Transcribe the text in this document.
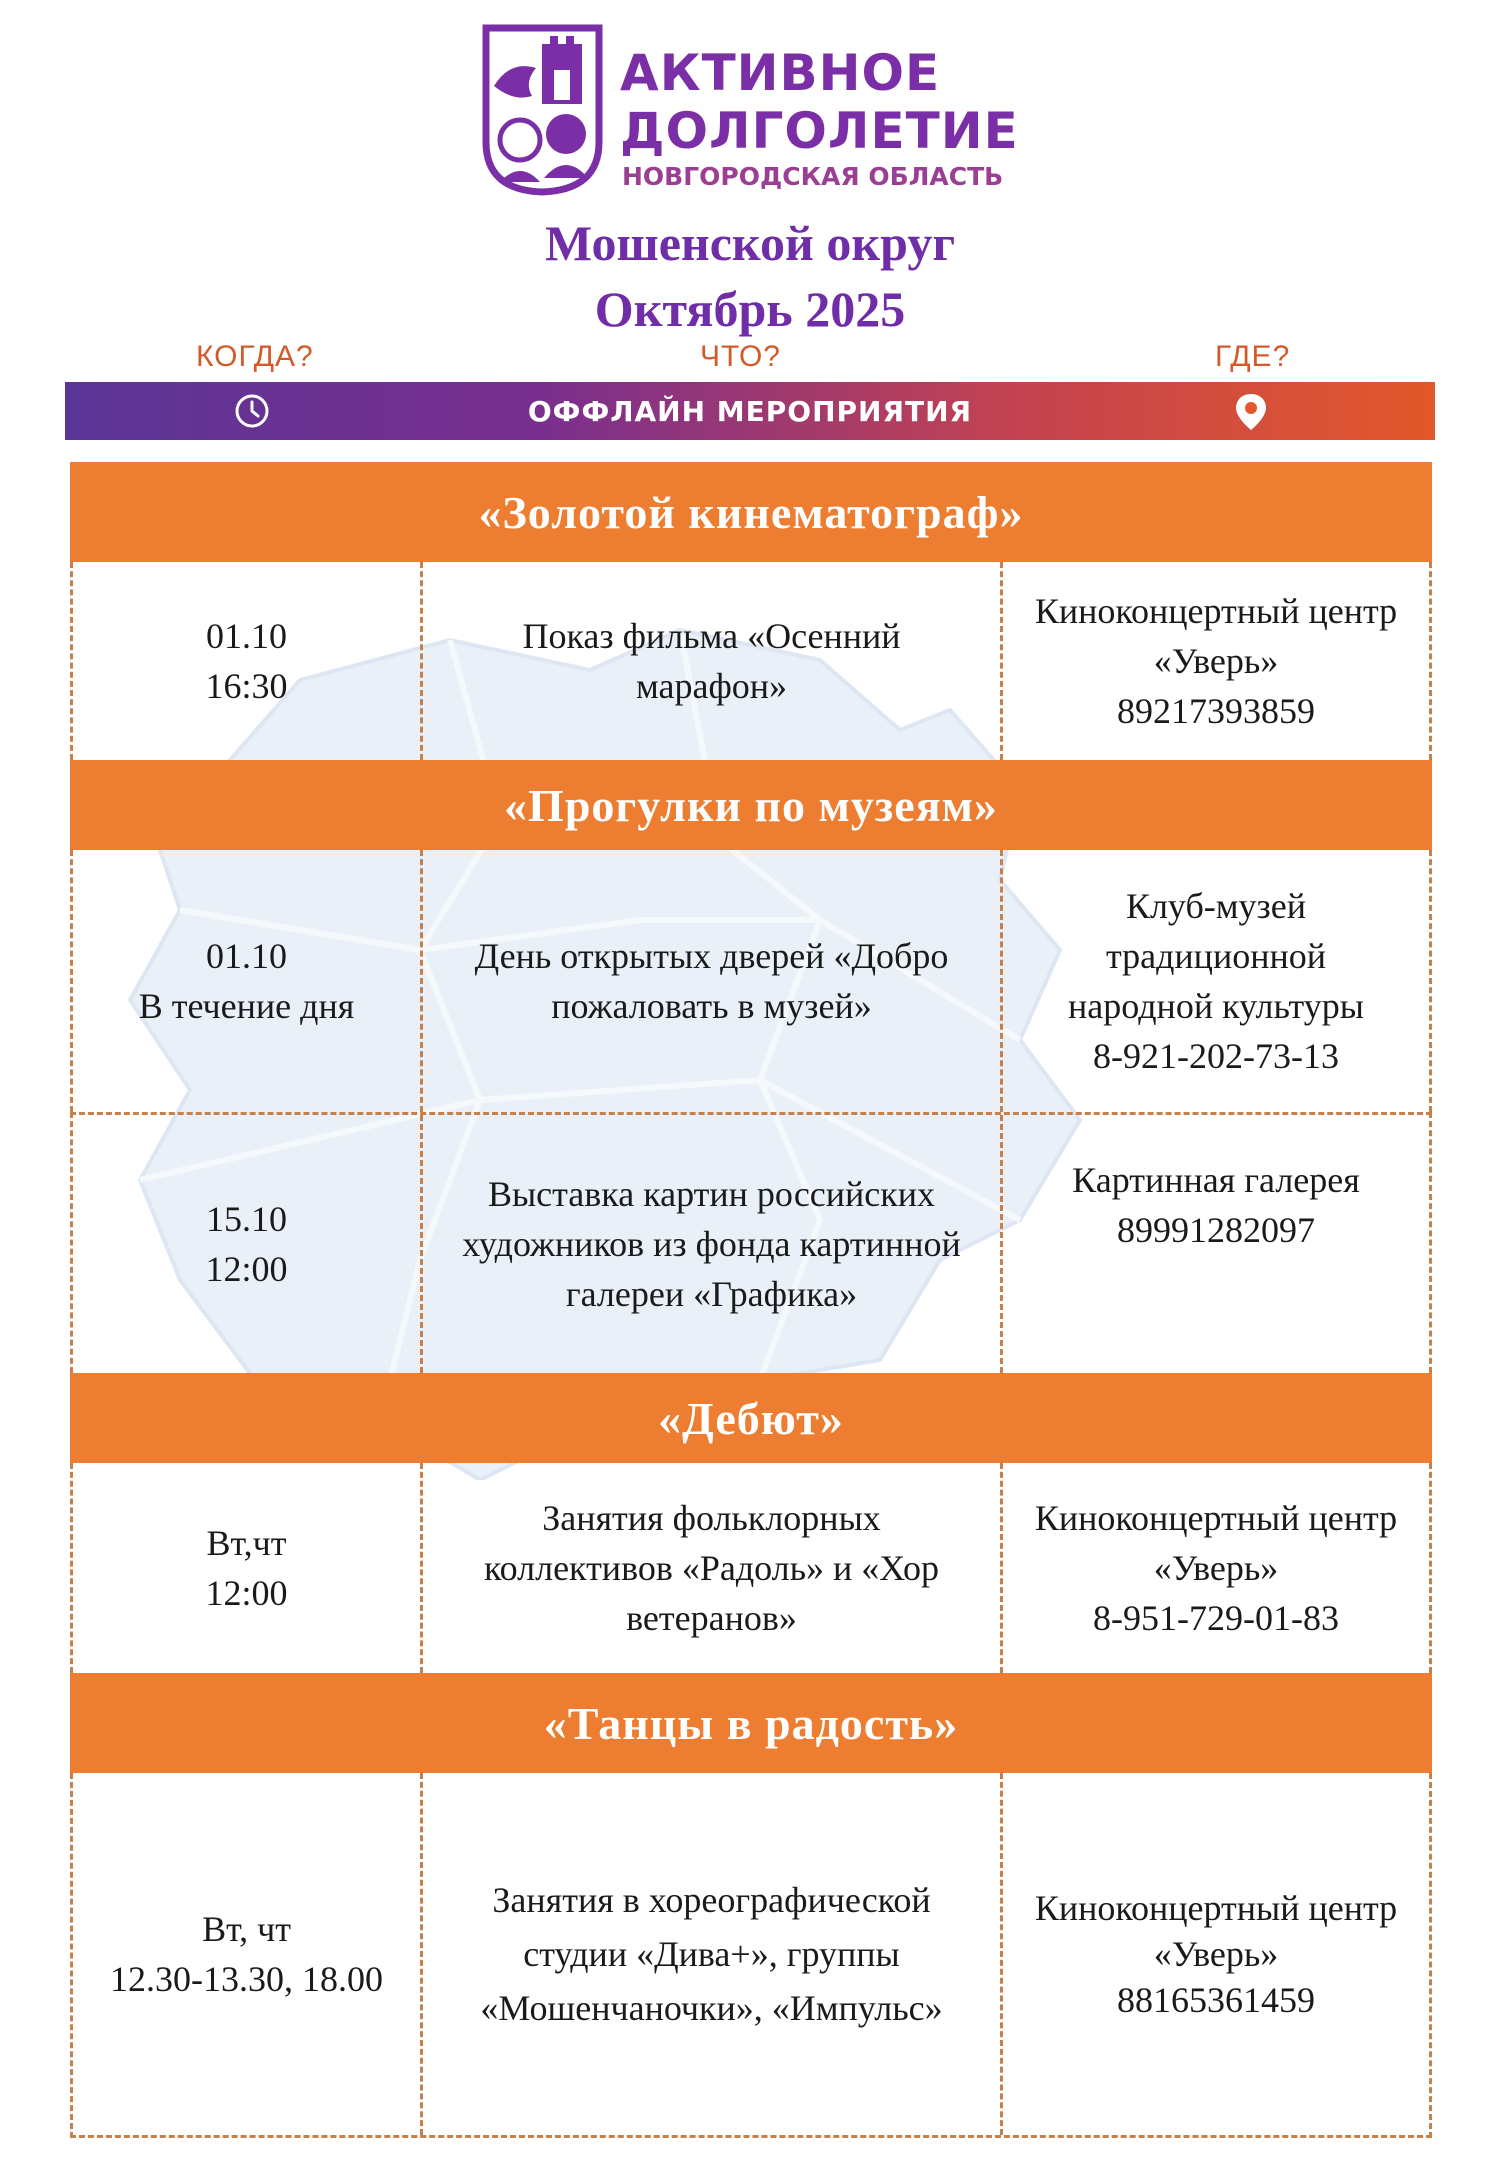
АКТИВНОЕ
ДОЛГОЛЕТИЕ
НОВГОРОДСКАЯ ОБЛАСТЬ
Мошенской округ
Октябрь 2025
КОГДА?	ЧТО?	ГДЕ?
ОФФЛАЙН МЕРОПРИЯТИЯ
«Золотой кинематограф»
01.10
16:30
Показ фильма «Осенний
марафон»
Киноконцертный центр
«Уверь»
89217393859
«Прогулки по музеям»
01.10
В течение дня
День открытых дверей «Добро
пожаловать в музей»
Клуб-музей
традиционной
народной культуры
8-921-202-73-13
15.10
12:00
Выставка картин российских
художников из фонда картинной
галереи «Графика»
Картинная галерея
89991282097
«Дебют»
Вт,чт
12:00
Занятия фольклорных
коллективов «Радоль» и «Хор
ветеранов»
Киноконцертный центр
«Уверь»
8-951-729-01-83
«Танцы в радость»
Вт, чт
12.30-13.30, 18.00
Занятия в хореографической
студии «Дива+», группы
«Мошенчаночки», «Импульс»
Киноконцертный центр
«Уверь»
88165361459
